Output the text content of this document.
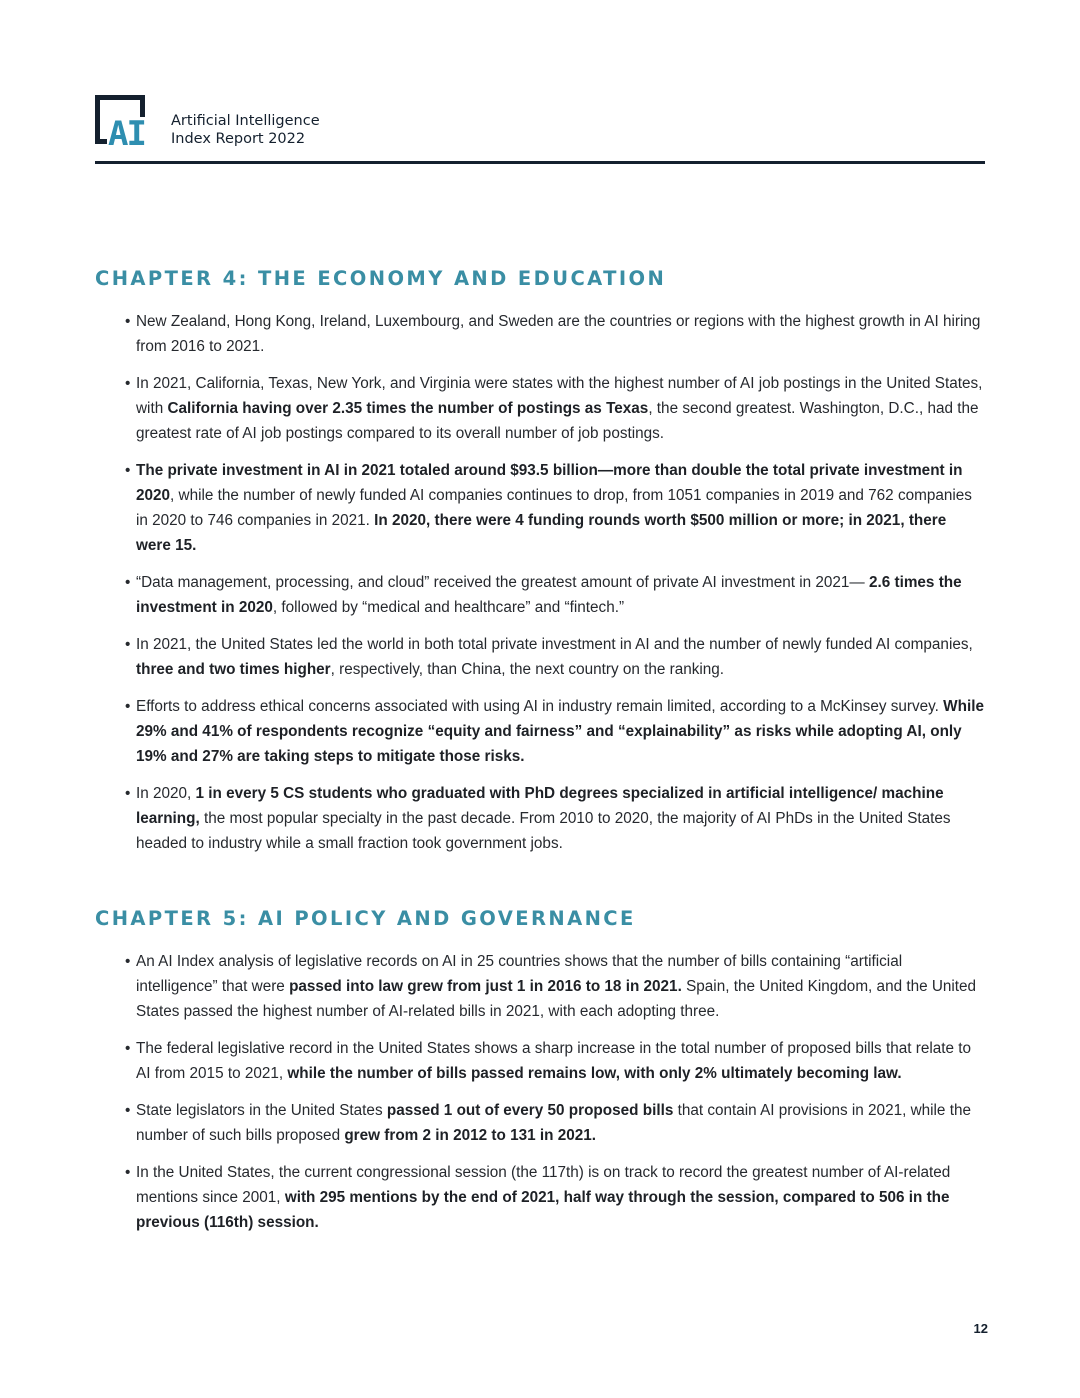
AI Artificial Intelligence
Index Report 2022
CHAPTER 4: THE ECONOMY AND EDUCATION
• New Zealand, Hong Kong, Ireland, Luxembourg, and Sweden are the countries or regions with the highest growth in AI hiring from 2016 to 2021.
• In 2021, California, Texas, New York, and Virginia were states with the highest number of AI job postings in the United States, with California having over 2.35 times the number of postings as Texas, the second greatest. Washington, D.C., had the greatest rate of AI job postings compared to its overall number of job postings.
• The private investment in AI in 2021 totaled around $93.5 billion—more than double the total private investment in 2020, while the number of newly funded AI companies continues to drop, from 1051 companies in 2019 and 762 companies in 2020 to 746 companies in 2021. In 2020, there were 4 funding rounds worth $500 million or more; in 2021, there were 15.
• “Data management, processing, and cloud” received the greatest amount of private AI investment in 2021— 2.6 times the investment in 2020, followed by “medical and healthcare” and “fintech.”
• In 2021, the United States led the world in both total private investment in AI and the number of newly funded AI companies, three and two times higher, respectively, than China, the next country on the ranking.
• Efforts to address ethical concerns associated with using AI in industry remain limited, according to a McKinsey survey. While 29% and 41% of respondents recognize “equity and fairness” and “explainability” as risks while adopting AI, only 19% and 27% are taking steps to mitigate those risks.
• In 2020, 1 in every 5 CS students who graduated with PhD degrees specialized in artificial intelligence/ machine learning, the most popular specialty in the past decade. From 2010 to 2020, the majority of AI PhDs in the United States headed to industry while a small fraction took government jobs.
CHAPTER 5: AI POLICY AND GOVERNANCE
• An AI Index analysis of legislative records on AI in 25 countries shows that the number of bills containing “artificial intelligence” that were passed into law grew from just 1 in 2016 to 18 in 2021. Spain, the United Kingdom, and the United States passed the highest number of AI-related bills in 2021, with each adopting three.
• The federal legislative record in the United States shows a sharp increase in the total number of proposed bills that relate to AI from 2015 to 2021, while the number of bills passed remains low, with only 2% ultimately becoming law.
• State legislators in the United States passed 1 out of every 50 proposed bills that contain AI provisions in 2021, while the number of such bills proposed grew from 2 in 2012 to 131 in 2021.
• In the United States, the current congressional session (the 117th) is on track to record the greatest number of AI-related mentions since 2001, with 295 mentions by the end of 2021, half way through the session, compared to 506 in the previous (116th) session.
12
